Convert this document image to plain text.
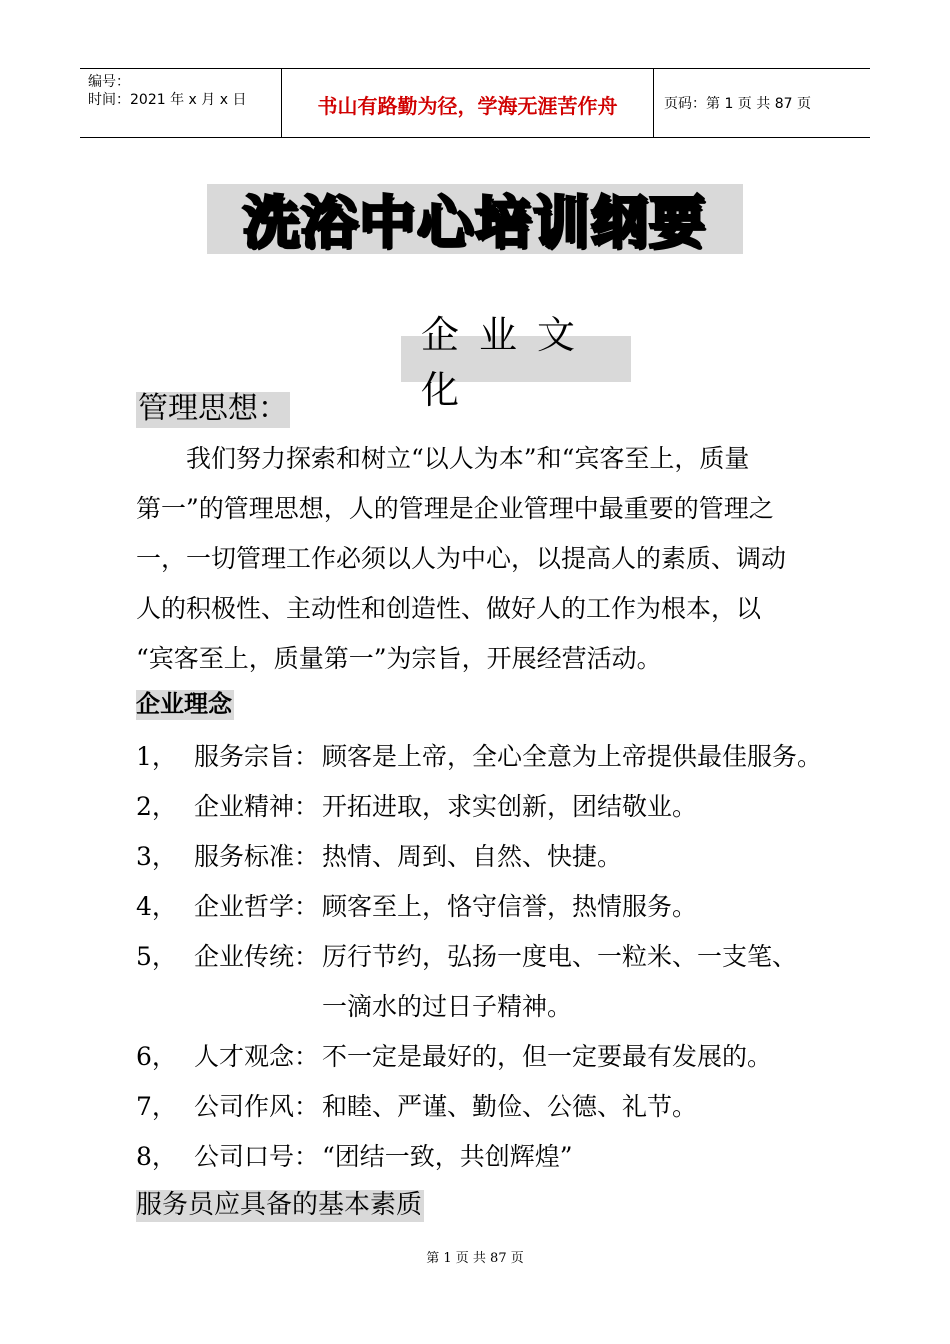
编号：
时间：2021 年 x 月 x 日	书山有路勤为径，学海无涯苦作舟	页码：第 1 页 共 87 页
洗浴中心培训纲要
企业文化
管理思想：
　　我们努力探索和树立“以人为本”和“宾客至上，质量
第一”的管理思想，人的管理是企业管理中最重要的管理之
一，一切管理工作必须以人为中心，以提高人的素质、调动
人的积极性、主动性和创造性、做好人的工作为根本，以
“宾客至上，质量第一”为宗旨，开展经营活动。
企业理念
1， 服务宗旨： 顾客是上帝，全心全意为上帝提供最佳服务。
2， 企业精神： 开拓进取，求实创新，团结敬业。
3， 服务标准： 热情、周到、自然、快捷。
4， 企业哲学： 顾客至上，恪守信誉，热情服务。
5， 企业传统： 厉行节约，弘扬一度电、一粒米、一支笔、
一滴水的过日子精神。
6， 人才观念： 不一定是最好的，但一定要最有发展的。
7， 公司作风： 和睦、严谨、勤俭、公德、礼节。
8， 公司口号： “团结一致，共创辉煌”
服务员应具备的基本素质
第 1 页 共 87 页
